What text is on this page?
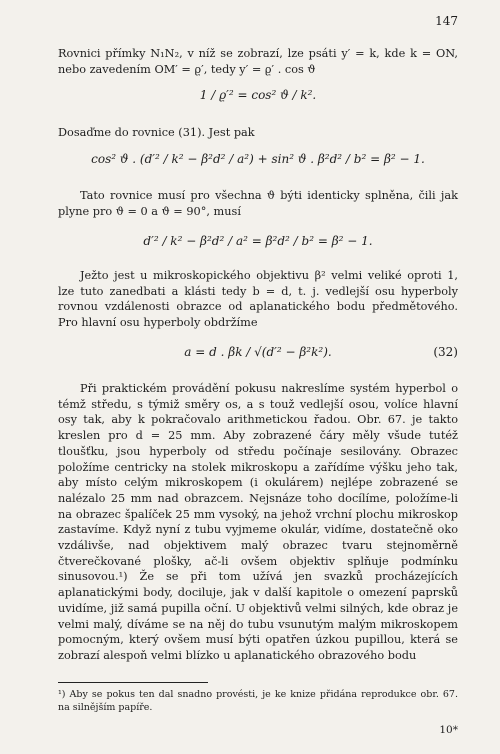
147

Rovnici přímky N₁N₂, v níž se zobrazí, lze psáti y′ = k, kde k = ON, nebo zavedením OM′ = ϱ′, tedy y′ = ϱ′ . cos ϑ

1 / ϱ′² = cos² ϑ / k².

Dosaďme do rovnice (31). Jest pak

cos² ϑ . (d′² / k² − β²d² / a²) + sin² ϑ . β²d² / b² = β² − 1.

Tato rovnice musí pro všechna ϑ býti identicky splněna, čili jak plyne pro ϑ = 0 a ϑ = 90°, musí

d′² / k² − β²d² / a² = β²d² / b² = β² − 1.

Ježto jest u mikroskopického objektivu β² velmi veliké oproti 1, lze tuto zanedbati a klásti tedy b = d, t. j. vedlejší osu hyperboly rovnou vzdálenosti obrazce od aplanatického bodu předmětového. Pro hlavní osu hyperboly obdržíme

a = d . βk / √(d′² − β²k²).	(32)

Při praktickém provádění pokusu nakreslíme systém hyperbol o témž středu, s týmiž směry os, a s touž vedlejší osou, volíce hlavní osy tak, aby k pokračovalo arithmetickou řadou. Obr. 67. je takto kreslen pro d = 25 mm. Aby zobrazené čáry měly všude tutéž tloušťku, jsou hyperboly od středu počínaje sesilovány. Obrazec položíme centricky na stolek mikroskopu a zařídíme výšku jeho tak, aby místo celým mikroskopem (i okulárem) nejlépe zobrazené se nalézalo 25 mm nad obrazcem. Nejsnáze toho docílíme, položíme-li na obrazec špalíček 25 mm vysoký, na jehož vrchní plochu mikroskop zastavíme. Když nyní z tubu vyjmeme okulár, vidíme, dostatečně oko vzdálivše, nad objektivem malý obrazec tvaru stejnoměrně čtverečkované plošky, ač-li ovšem objektiv splňuje podmínku sinusovou.¹) Že se při tom užívá jen svazků procházejících aplanatickými body, dociluje, jak v další kapitole o omezení paprsků uvidíme, již samá pupilla oční. U objektivů velmi silných, kde obraz je velmi malý, díváme se na něj do tubu vsunutým malým mikroskopem pomocným, který ovšem musí býti opatřen úzkou pupillou, která se zobrazí alespoň velmi blízko u aplanatického obrazového bodu

¹) Aby se pokus ten dal snadno provésti, je ke knize přidána reprodukce obr. 67. na silnějším papíře.
10*
